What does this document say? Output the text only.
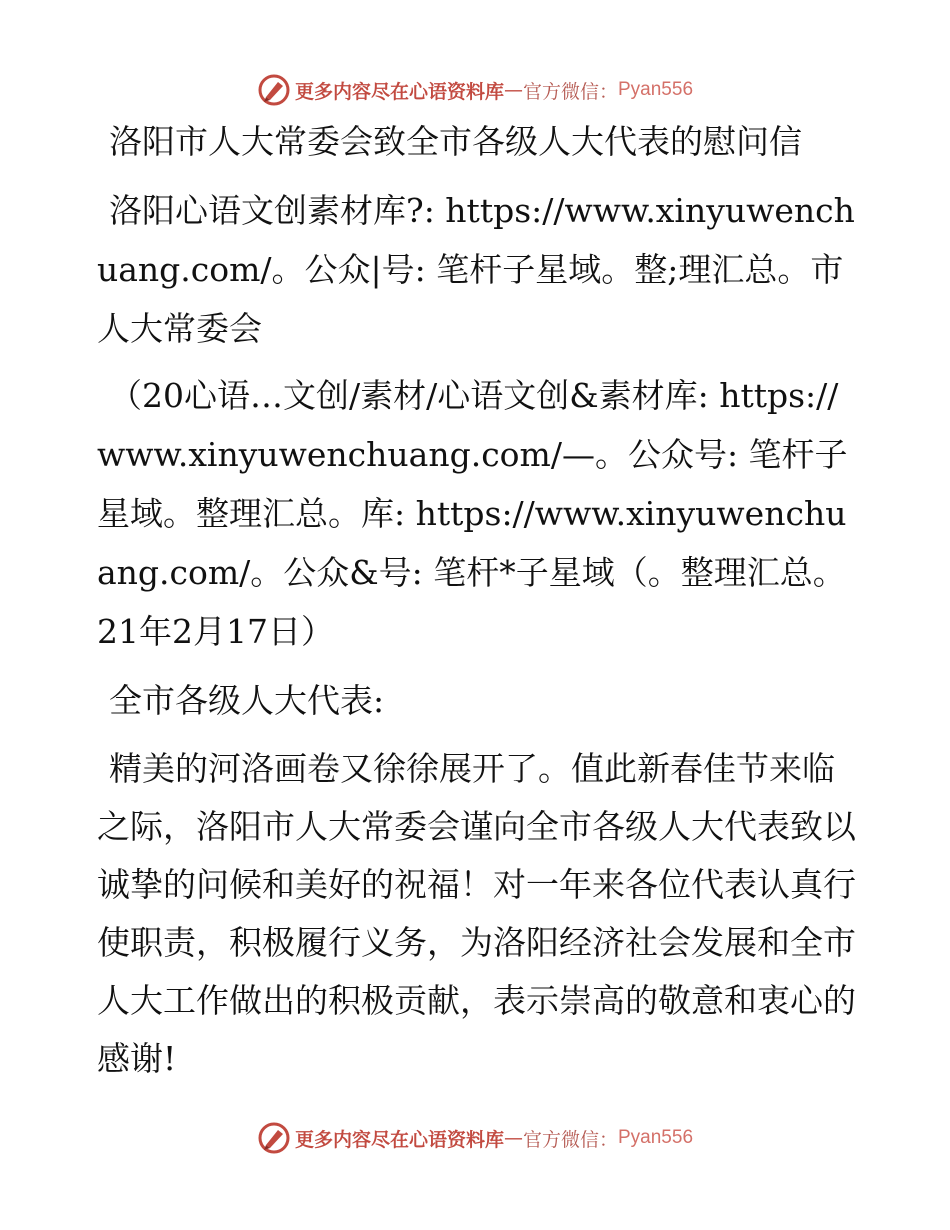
更多内容尽在心语资料库 — 官方微信： Pyan556

洛阳市人大常委会致全市各级人大代表的慰问信

洛阳心语文创素材库?: https://www.xinyuwenchuang.com/。公众|号: 笔杆子星域。整;理汇总。市人大常委会

（20心语…文创/素材/心语文创&素材库: https://www.xinyuwenchuang.com/—。公众号: 笔杆子星域。整理汇总。库: https://www.xinyuwenchuang.com/。公众&号: 笔杆*子星域（。整理汇总。21年2月17日）

全市各级人大代表:

精美的河洛画卷又徐徐展开了。值此新春佳节来临之际，洛阳市人大常委会谨向全市各级人大代表致以诚挚的问候和美好的祝福！对一年来各位代表认真行使职责，积极履行义务，为洛阳经济社会发展和全市人大工作做出的积极贡献，表示崇高的敬意和衷心的感谢!

更多内容尽在心语资料库 — 官方微信： Pyan556
